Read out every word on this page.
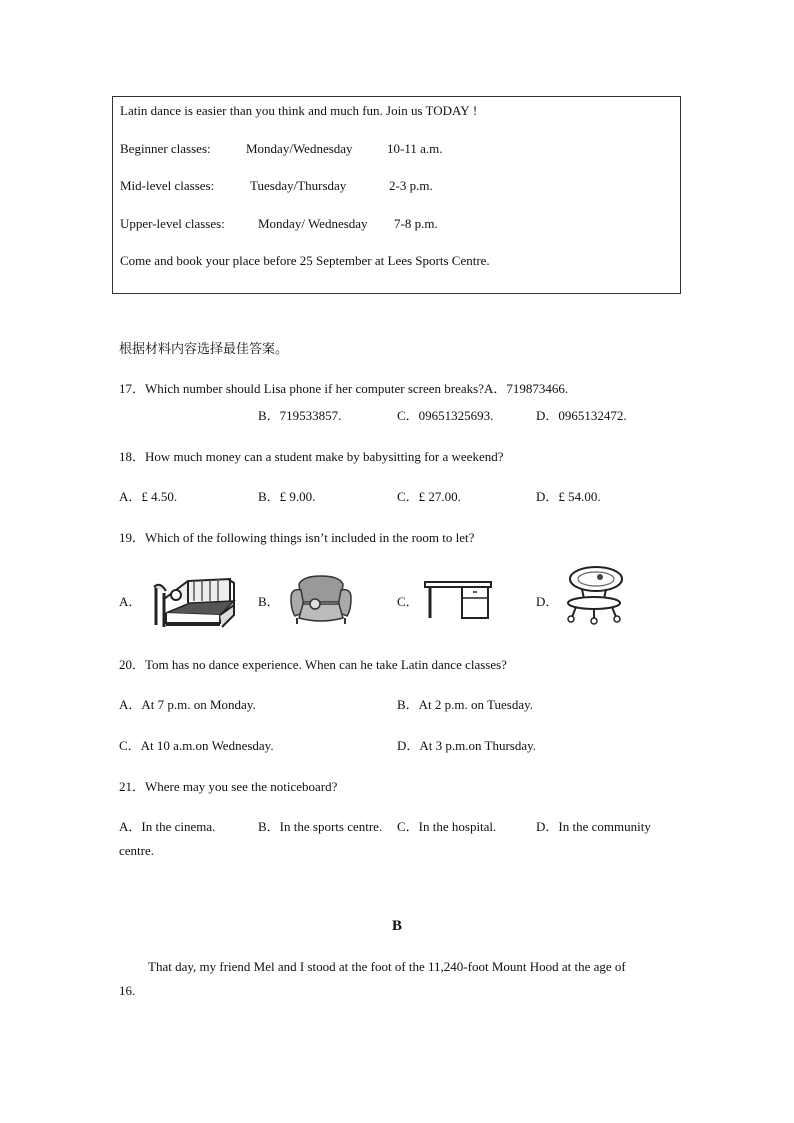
Latin dance is easier than you think and much fun. Join us TODAY !
Beginner classes:	Monday/Wednesday	10-11 a.m.
Mid-level classes:	Tuesday/Thursday	2-3 p.m.
Upper-level classes:	Monday/ Wednesday 7-8 p.m.
Come and book your place before 25 September at Lees Sports Centre.
根据材料内容选择最佳答案。
17．Which number should Lisa phone if her computer screen breaks?A．719873466.
B．719533857.	C．09651325693.	D．0965132472.
18．How much money can a student make by babysitting for a weekend?
A．£ 4.50.	B．£ 9.00.	C．£ 27.00.	D．£ 54.00.
19．Which of the following things isn’t included in the room to let?
A．	B．	C．	D．
20．Tom has no dance experience. When can he take Latin dance classes?
A．At 7 p.m. on Monday.	B．At 2 p.m. on Tuesday.
C．At 10 a.m.on Wednesday.	D．At 3 p.m.on Thursday.
21．Where may you see the noticeboard?
A．In the cinema.	B．In the sports centre. C．In the hospital.	D．In the community
centre.
B
That day, my friend Mel and I stood at the foot of the 11,240-foot Mount Hood at the age of
16.
